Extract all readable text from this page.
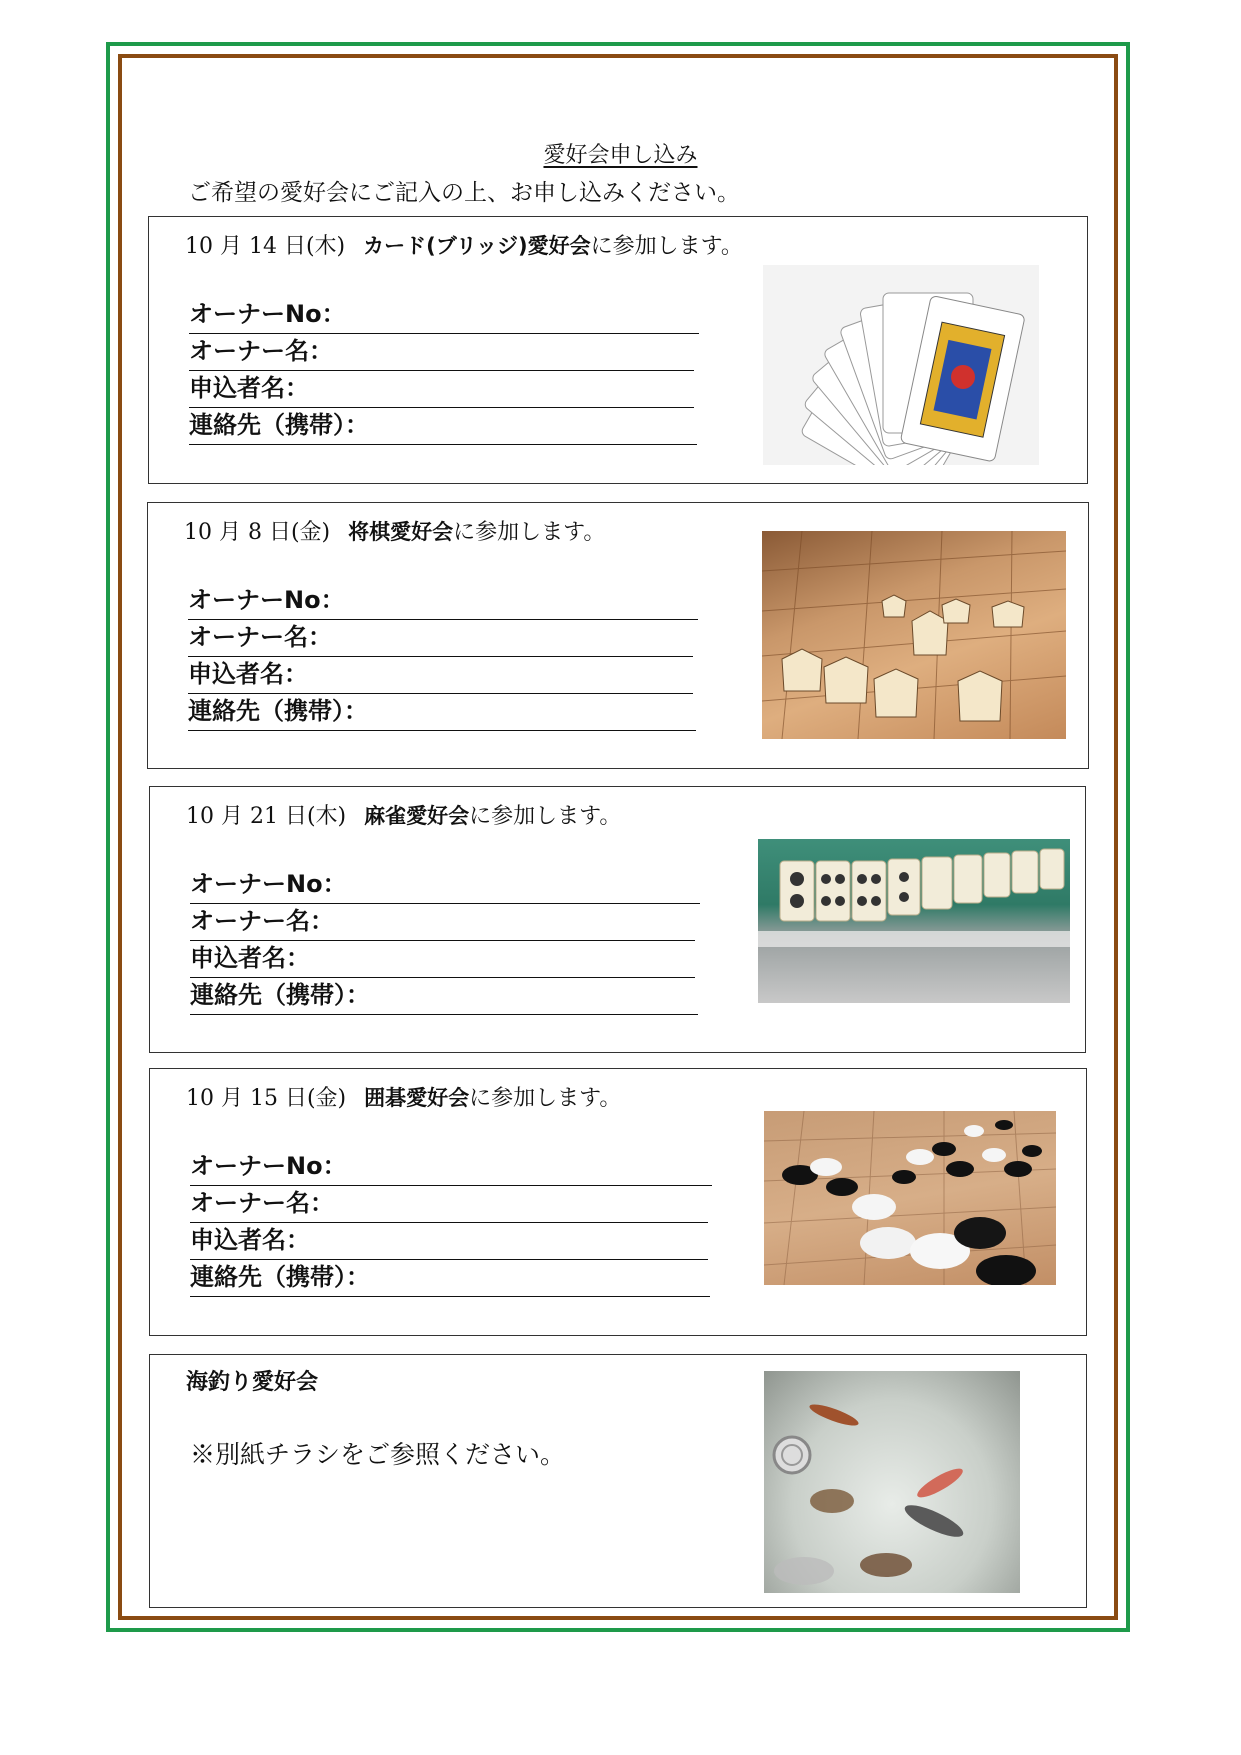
愛好会申し込み
ご希望の愛好会にご記入の上、お申し込みください。
10 月 14 日(木) カード(ブリッジ)愛好会に参加します。
オーナーNo：
オーナー名：
申込者名：
連絡先（携帯）：
10 月 8 日(金) 将棋愛好会に参加します。
オーナーNo：
オーナー名：
申込者名：
連絡先（携帯）：
10 月 21 日(木) 麻雀愛好会に参加します。
オーナーNo：
オーナー名：
申込者名：
連絡先（携帯）：
10 月 15 日(金) 囲碁愛好会に参加します。
オーナーNo：
オーナー名：
申込者名：
連絡先（携帯）：
海釣り愛好会
※別紙チラシをご参照ください。
